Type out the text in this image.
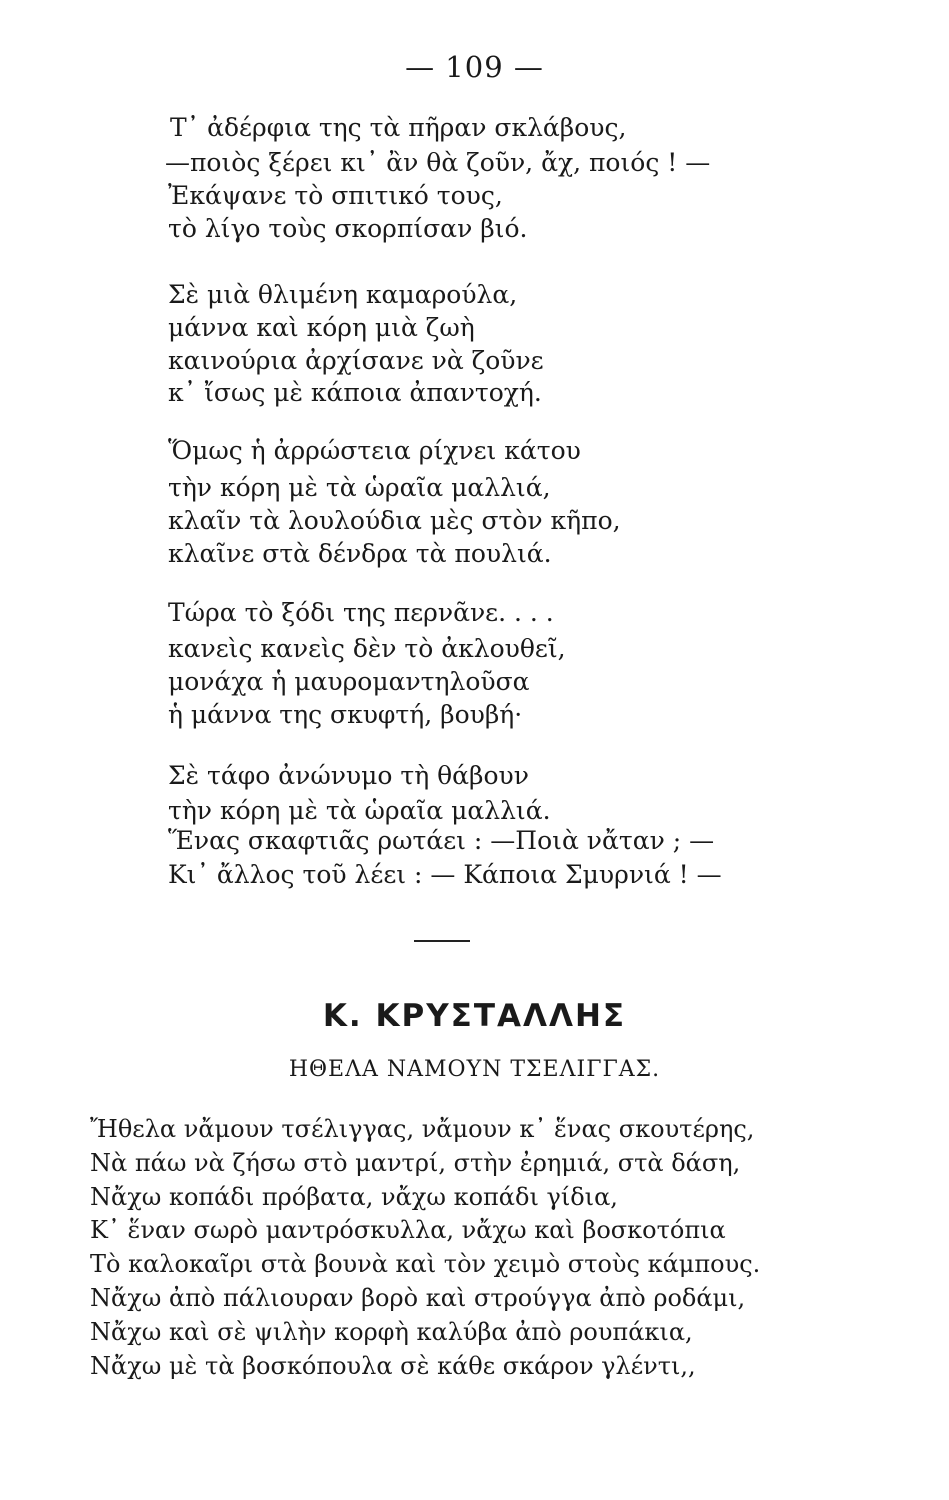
— 109 —
Τ᾽ ἀδέρφια της τὰ πῆραν σκλάβους,
—ποιὸς ξέρει κι᾽ ἂν θὰ ζοῦν, ἄχ, ποιός ! —
Ἐκάψανε τὸ σπιτικό τους,
τὸ λίγο τοὺς σκορπίσαν βιό.
Σὲ μιὰ θλιμένη καμαρούλα,
μάννα καὶ κόρη μιὰ ζωὴ
καινούρια ἀρχίσανε νὰ ζοῦνε
κ᾽ ἴσως μὲ κάποια ἀπαντοχή.
Ὅμως ἡ ἀρρώστεια ρίχνει κάτου
τὴν κόρη μὲ τὰ ὡραῖα μαλλιά,
κλαῖν τὰ λουλούδια μὲς στὸν κῆπο,
κλαῖνε στὰ δένδρα τὰ πουλιά.
Τώρα τὸ ξόδι της περνᾶνε. . . .
κανεὶς κανεὶς δὲν τὸ ἀκλουθεῖ,
μονάχα ἡ μαυρομαντηλοῦσα
ἡ μάννα της σκυφτή, βουβή·
Σὲ τάφο ἀνώνυμο τὴ θάβουν
τὴν κόρη μὲ τὰ ὡραῖα μαλλιά.
Ἕνας σκαφτιᾶς ρωτάει : —Ποιὰ νἄταν ; —
Κι᾽ ἄλλος τοῦ λέει : — Κάποια Σμυρνιά ! —
Κ. ΚΡΥΣΤΑΛΛΗΣ
ΗΘΕΛΑ ΝΑΜΟΥΝ ΤΣΕΛΙΓΓΑΣ.
Ἤθελα νἄμουν τσέλιγγας, νἄμουν κ᾽ ἕνας σκουτέρης,
Νὰ πάω νὰ ζήσω στὸ μαντρί, στὴν ἐρημιά, στὰ δάση,
Νἄχω κοπάδι πρόβατα, νἄχω κοπάδι γίδια,
Κ᾽ ἕναν σωρὸ μαντρόσκυλλα, νἄχω καὶ βοσκοτόπια
Τὸ καλοκαῖρι στὰ βουνὰ καὶ τὸν χειμὸ στοὺς κάμπους.
Νἄχω ἀπὸ πάλιουραν βορὸ καὶ στρούγγα ἀπὸ ροδάμι,
Νἄχω καὶ σὲ ψιλὴν κορφὴ καλύβα ἀπὸ ρουπάκια,
Νἄχω μὲ τὰ βοσκόπουλα σὲ κάθε σκάρον γλέντι,,
